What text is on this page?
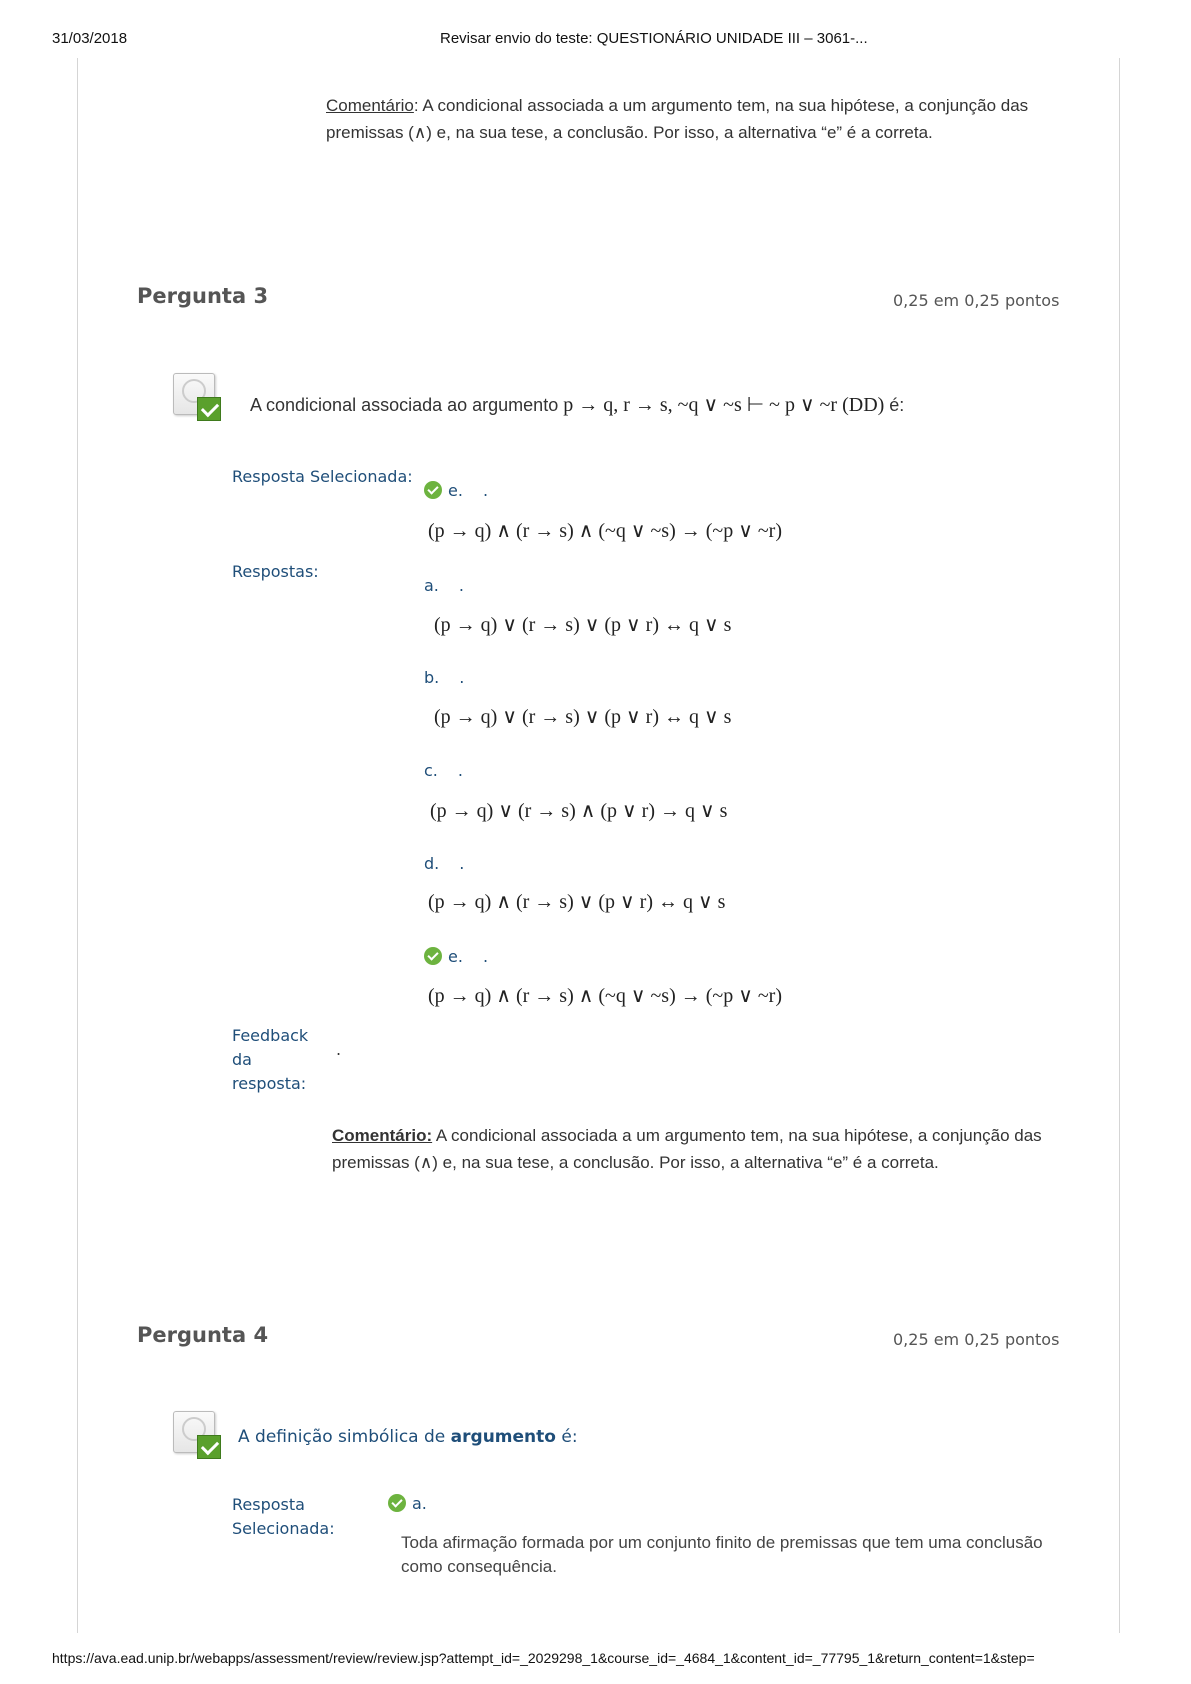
31/03/2018	Revisar envio do teste: QUESTIONÁRIO UNIDADE III – 3061-...
https://ava.ead.unip.br/webapps/assessment/review/review.jsp?attempt_id=_2029298_1&course_id=_4684_1&content_id=_77795_1&return_content=1&step=
Comentário: A condicional associada a um argumento tem, na sua hipótese, a conjunção das
premissas (∧) e, na sua tese, a conclusão. Por isso, a alternativa “e” é a correta.
Pergunta 3	0,25 em 0,25 pontos
A condicional associada ao argumento p → q, r → s, ~q ∨ ~s ⊢ ~ p ∨ ~r (DD) é:
Resposta Selecionada:
e. .
(p → q) ∧ (r → s) ∧ (~q ∨ ~s) → (~p ∨ ~r)
Respostas:
a. .
(p → q) ∨ (r → s) ∨ (p ∨ r) ↔ q ∨ s
b. .
(p → q) ∨ (r → s) ∨ (p ∨ r) ↔ q ∨ s
c. .
(p → q) ∨ (r → s) ∧ (p ∨ r) → q ∨ s
d. .
(p → q) ∧ (r → s) ∨ (p ∨ r) ↔ q ∨ s
e. .
(p → q) ∧ (r → s) ∧ (~q ∨ ~s) → (~p ∨ ~r)
Feedback
da
resposta:
.
Comentário: A condicional associada a um argumento tem, na sua hipótese, a conjunção das
premissas (∧) e, na sua tese, a conclusão. Por isso, a alternativa “e” é a correta.
Pergunta 4	0,25 em 0,25 pontos
A definição simbólica de argumento é:
Resposta
Selecionada:
a.
Toda afirmação formada por um conjunto finito de premissas que tem uma conclusão
como consequência.
